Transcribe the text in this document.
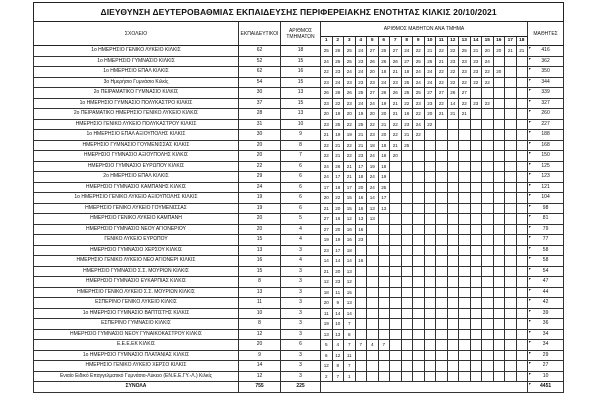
ΔΙΕΥΘΥΝΣΗ ΔΕΥΤΕΡΟΒΑΘΜΙΑΣ ΕΚΠΑΙΔΕΥΣΗΣ ΠΕΡΙΦΕΡΕΙΑΚΗΣ ΕΝΟΤΗΤΑΣ ΚΙΛΚΙΣ 20/10/2021																					
ΣΧΟΛΕΙΟ	ΕΚΠΑΙΔΕΥΤΙΚΟΙ	ΑΡΙΘΜΟΣ ΤΜΗΜΑΤΩΝ	ΑΡΙΘΜΟΣ ΜΑΘΗΤΩΝ ΑΝΑ ΤΜΗΜΑ																		ΜΑΘΗΤΕΣ
			1	2	3	4	5	6	7	8	9	10	11	12	13	14	15	16	17	18	
1ο ΗΜΕΡΗΣΙΟ ΓΕΝΙΚΟ ΛΥΚΕΙΟ ΚΙΛΚΙΣ	62	18	25	26	25	24	27	25	27	24	22	21	22	22	25	21	20	20	21	21	416
1ο ΗΜΕΡΗΣΙΟ ΓΥΜΝΑΣΙΟ ΚΙΛΚΙΣ	52	15	24	25	25	23	26	26	26	27	25	26	21	23	23	23	24				362
1ο ΗΜΕΡΗΣΙΟ ΕΠΑΛ ΚΙΛΚΙΣ	62	16	22	23	24	24	20	18	21	18	24	24	22	22	23	23	22	20			350
3ο Ημερήσιο Γυμνάσιο Κιλκίς	54	15	23	24	23	23	23	24	23	25	24	24	22	22	22	22	22				344
2ο ΠΕΙΡΑΜΑΤΙΚΟ ΓΥΜΝΑΣΙΟ ΚΙΛΚΙΣ	30	13	26	26	26	25	27	26	26	25	25	27	27	26	27						339
1ο ΗΜΕΡΗΣΙΟ ΓΥΜΝΑΣΙΟ ΠΟΛΥΚΑΣΤΡΟ ΚΙΛΚΙΣ	37	15	23	22	23	24	24	19	21	22	23	23	22	14	22	23	22				327
2ο ΠΕΙΡΑΜΑΤΙΚΟ ΗΜΕΡΗΣΙΟ ΓΕΝΙΚΟ ΛΥΚΕΙΟ ΚΙΛΚΙΣ	28	13	20	19	20	19	20	20	21	16	22	20	21	21	21						260
ΗΜΕΡΗΣΙΟ ΓΕΝΙΚΟ ΛΥΚΕΙΟ ΠΟΛΥΚΑΣΤΡΟΥ ΚΙΛΚΙΣ	31	10	23	25	22	25	22	21	22	23	24	22									227
1ο ΗΜΕΡΗΣΙΟ ΕΠΑΛ ΑΞΙΟΥΠΟΛΗΣ ΚΙΛΚΙΣ	30	9	21	19	19	21	23	20	22	21	22										188
ΗΜΕΡΗΣΙΟ ΓΥΜΝΑΣΙΟ ΓΟΥΜΕΝΙΣΣΑΣ ΚΙΛΚΙΣ	20	8	22	21	22	21	18	18	21	25											168
ΗΜΕΡΗΣΙΟ ΓΥΜΝΑΣΙΟ ΑΞΙΟΥΠΟΛΗΣ ΚΙΛΚΙΣ	20	7	22	21	22	23	24	18	20												150
ΗΜΕΡΗΣΙΟ ΓΥΜΝΑΣΙΟ ΕΥΡΩΠΟΥ ΚΙΛΚΙΣ	22	6	24	26	21	17	19	18													125
2ο ΗΜΕΡΗΣΙΟ ΕΠΑΛ ΚΙΛΚΙΣ	29	6	24	17	21	18	24	19													123
ΗΜΕΡΗΣΙΟ ΓΥΜΝΑΣΙΟ ΚΑΜΠΑΝΗΣ ΚΙΛΚΙΣ	24	6	17	18	17	20	24	25													121
1ο ΗΜΕΡΗΣΙΟ ΓΕΝΙΚΟ ΛΥΚΕΙΟ ΑΞΙΟΥΠΟΛΗΣ ΚΙΛΚΙΣ	19	6	20	22	15	16	14	17													104
ΗΜΕΡΗΣΙΟ ΓΕΝΙΚΟ ΛΥΚΕΙΟ ΓΟΥΜΕΝΙΣΣΑΣ	19	6	21	20	15	16	13	13													98
ΗΜΕΡΗΣΙΟ ΓΕΝΙΚΟ ΛΥΚΕΙΟ ΚΑΜΠΑΝΗ	20	5	27	16	12	13	13														81
ΗΜΕΡΗΣΙΟ ΓΥΜΝΑΣΙΟ ΝΕΟΥ ΑΓΙΟΝΕΡΙΟΥ	20	4	27	20	16	16															79
ΓΕΝΙΚΟ ΛΥΚΕΙΟ ΕΥΡΩΠΟΥ	15	4	19	19	16	23															77
ΗΜΕΡΗΣΙΟ ΓΥΜΝΑΣΙΟ ΧΕΡΣΟΥ ΚΙΛΚΙΣ	13	3	23	17	18																58
ΗΜΕΡΗΣΙΟ ΓΕΝΙΚΟ ΛΥΚΕΙΟ ΝΕΟ ΑΓΙΟΝΕΡΙ ΚΙΛΚΙΣ	16	4	14	14	14	16															58
ΗΜΕΡΗΣΙΟ ΓΥΜΝΑΣΙΟ Σ.Σ. ΜΟΥΡΙΩΝ ΚΙΛΚΙΣ	15	3	21	20	13																54
ΗΜΕΡΗΣΙΟ ΓΥΜΝΑΣΙΟ ΕΥΚΑΡΠΙΑΣ ΚΙΛΚΙΣ	8	3	12	23	12																47
ΗΜΕΡΗΣΙΟ ΓΕΝΙΚΟ ΛΥΚΕΙΟ Σ.Σ. ΜΟΥΡΙΩΝ ΚΙΛΚΙΣ	13	3	18	11	15																44
ΕΣΠΕΡΙΝΟ ΓΕΝΙΚΟ ΛΥΚΕΙΟ ΚΙΛΚΙΣ	11	3	20	9	13																42
1ο ΗΜΕΡΗΣΙΟ ΓΥΜΝΑΣΙΟ ΒΑΠΤΙΣΤΗΣ ΚΙΛΚΙΣ	10	3	11	14	14																39
ΕΣΠΕΡΙΝΟ ΓΥΜΝΑΣΙΟ ΚΙΛΚΙΣ	8	3	19	10	7																36
ΗΜΕΡΗΣΙΟ ΓΥΜΝΑΣΙΟ ΝΕΟΥ ΓΥΝΑΙΚΟΚΑΣΤΡΟΥ ΚΙΛΚΙΣ	12	3	13	13	8																34
Ε.Ε.Ε.ΕΚ ΚΙΛΚΙΣ	20	6	5	4	7	7	4	7													34
1ο ΗΜΕΡΗΣΙΟ ΓΥΜΝΑΣΙΟ ΠΛΑΤΑΝΙΑΣ ΚΙΛΚΙΣ	9	3	6	12	11																29
ΗΜΕΡΗΣΙΟ ΓΕΝΙΚΟ ΛΥΚΕΙΟ ΧΕΡΣΟ ΚΙΛΚΙΣ	14	3	12	8	7																27
Ενιαίο Ειδικό Επαγγελματικό Γυμνάσιο-Λύκειο (ΕΝ.Ε.Ε.ΓΥ.-Λ.) Κιλκίς	12	3	2	7	1																10
ΣΥΝΟΛΑ	755	225																			4451
